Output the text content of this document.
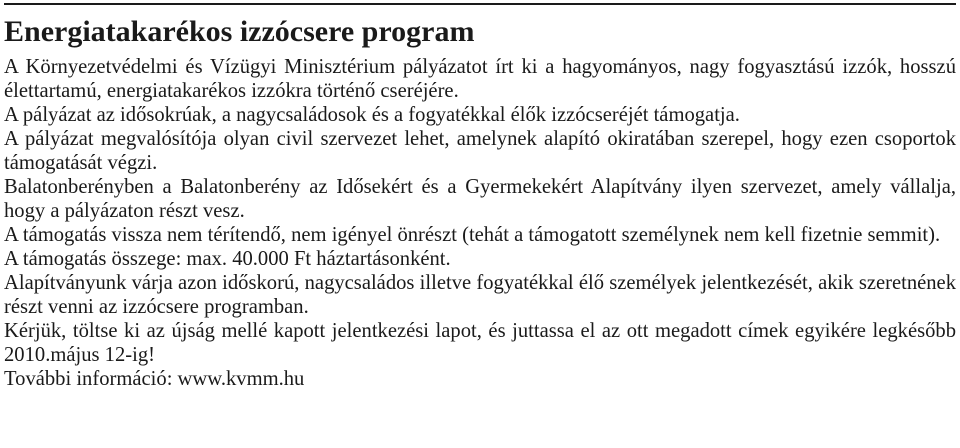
Energiatakarékos izzócsere program

A Környezetvédelmi és Vízügyi Minisztérium pályázatot írt ki a hagyományos, nagy fogyasztású izzók, hosszú élettartamú, energiatakarékos izzókra történő cseréjére.

A pályázat az idősokrúak, a nagycsaládosok és a fogyatékkal élők izzócseréjét támogatja.

A pályázat megvalósítója olyan civil szervezet lehet, amelynek alapító okiratában szerepel, hogy ezen csoportok támogatását végzi.

Balatonberényben a Balatonberény az Idősekért és a Gyermekekért Alapítvány ilyen szervezet, amely vállalja, hogy a pályázaton részt vesz.

A támogatás vissza nem térítendő, nem igényel önrészt (tehát a támogatott személynek nem kell fizetnie semmit).

A támogatás összege: max. 40.000 Ft háztartásonként.

Alapítványunk várja azon időskorú, nagycsaládos illetve fogyatékkal élő személyek jelentkezését, akik szeretnének részt venni az izzócsere programban.

Kérjük, töltse ki az újság mellé kapott jelentkezési lapot, és juttassa el az ott megadott címek egyikére legkésőbb 2010.május 12-ig!

További információ: www.kvmm.hu
